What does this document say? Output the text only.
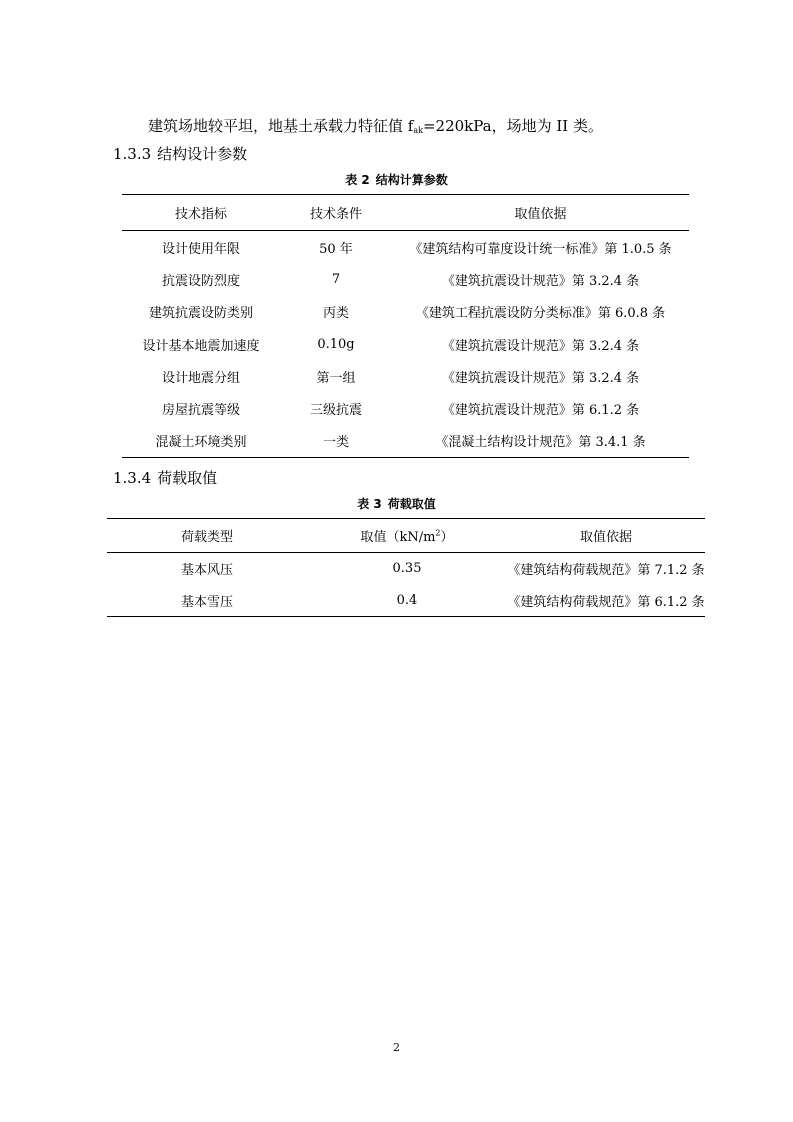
建筑场地较平坦，地基土承载力特征值 $f_{ak}=220kPa$，场地为 II 类。
1.3.3 结构设计参数
表 2 结构计算参数
技术指标	技术条件	取值依据
设计使用年限	50 年	《建筑结构可靠度设计统一标准》第 1.0.5 条
抗震设防烈度	7	《建筑抗震设计规范》第 3.2.4 条
建筑抗震设防类别	丙类	《建筑工程抗震设防分类标准》第 6.0.8 条
设计基本地震加速度	0.10g	《建筑抗震设计规范》第 3.2.4 条
设计地震分组	第一组	《建筑抗震设计规范》第 3.2.4 条
房屋抗震等级	三级抗震	《建筑抗震设计规范》第 6.1.2 条
混凝土环境类别	一类	《混凝土结构设计规范》第 3.4.1 条
1.3.4 荷载取值
表 3 荷载取值
荷载类型	取值$(kN/m^2)$	取值依据
基本风压	0.35	《建筑结构荷载规范》第 7.1.2 条
基本雪压	0.4	《建筑结构荷载规范》第 6.1.2 条
2
